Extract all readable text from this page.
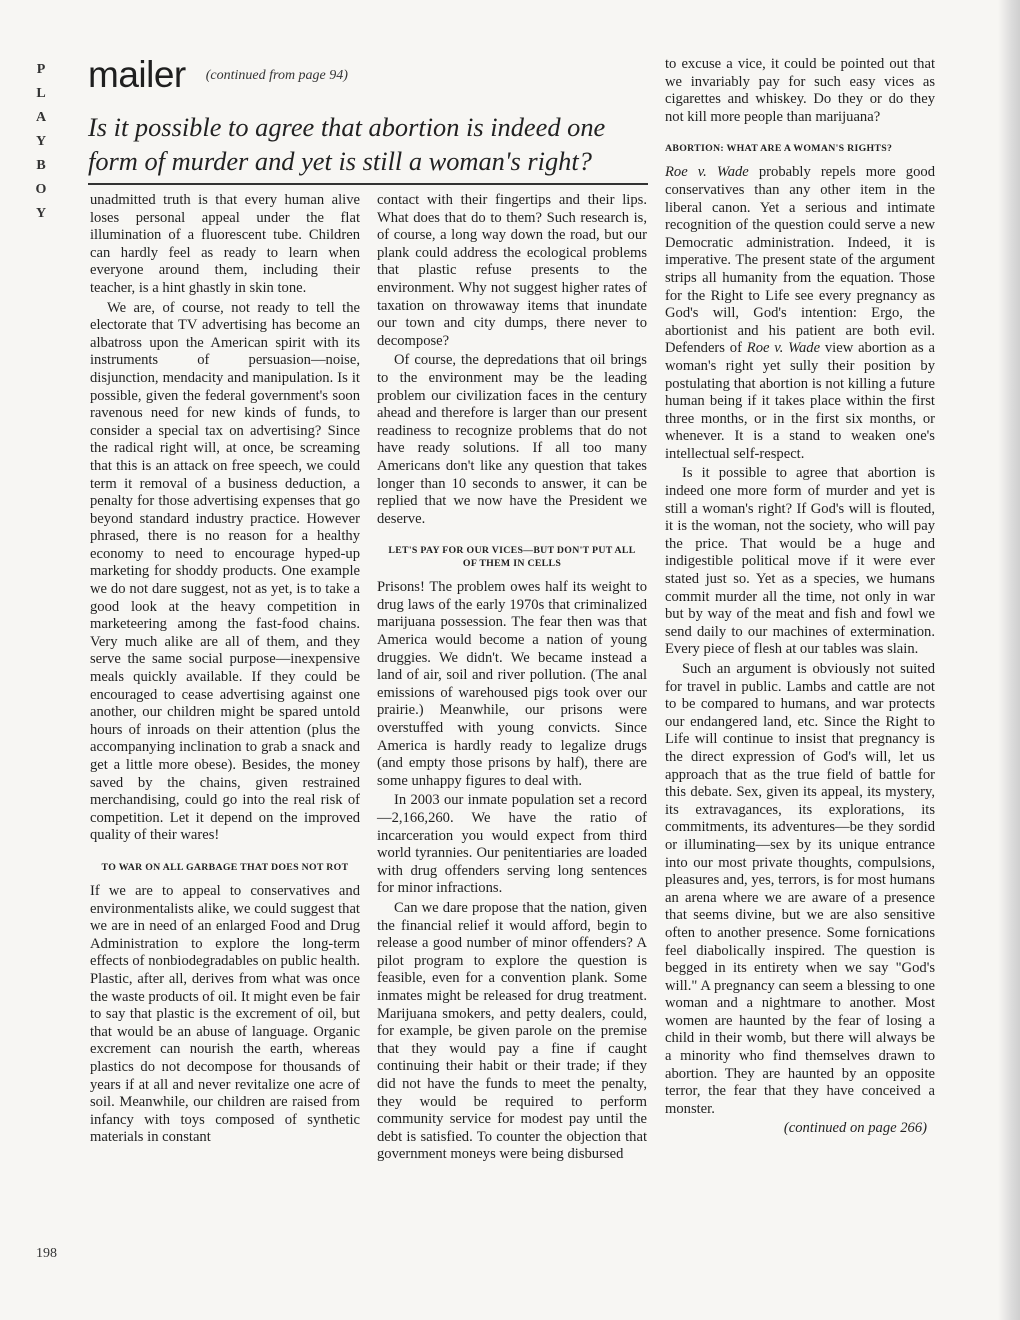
P
L
A
Y
B
O
Y
198
mailer (continued from page 94)
Is it possible to agree that abortion is indeed one form of murder and yet is still a woman's right?

unadmitted truth is that every human alive loses personal appeal under the flat illumination of a fluorescent tube. Children can hardly feel as ready to learn when everyone around them, including their teacher, is a hint ghastly in skin tone.

We are, of course, not ready to tell the electorate that TV advertising has become an albatross upon the American spirit with its instruments of persuasion—noise, disjunction, mendacity and manipulation. Is it possible, given the federal government's soon ravenous need for new kinds of funds, to consider a special tax on advertising? Since the radical right will, at once, be screaming that this is an attack on free speech, we could term it removal of a business deduction, a penalty for those advertising expenses that go beyond standard industry practice. However phrased, there is no reason for a healthy economy to need to encourage hyped-up marketing for shoddy products. One example we do not dare suggest, not as yet, is to take a good look at the heavy competition in marketeering among the fast-food chains. Very much alike are all of them, and they serve the same social purpose—inexpensive meals quickly available. If they could be encouraged to cease advertising against one another, our children might be spared untold hours of inroads on their attention (plus the accompanying inclination to grab a snack and get a little more obese). Besides, the money saved by the chains, given restrained merchandising, could go into the real risk of competition. Let it depend on the improved quality of their wares!

TO WAR ON ALL GARBAGE THAT DOES NOT ROT

If we are to appeal to conservatives and environmentalists alike, we could suggest that we are in need of an enlarged Food and Drug Administration to explore the long-term effects of nonbiodegradables on public health. Plastic, after all, derives from what was once the waste products of oil. It might even be fair to say that plastic is the excrement of oil, but that would be an abuse of language. Organic excrement can nourish the earth, whereas plastics do not decompose for thousands of years if at all and never revitalize one acre of soil. Meanwhile, our children are raised from infancy with toys composed of synthetic materials in constant

contact with their fingertips and their lips. What does that do to them? Such research is, of course, a long way down the road, but our plank could address the ecological problems that plastic refuse presents to the environment. Why not suggest higher rates of taxation on throwaway items that inundate our town and city dumps, there never to decompose?

Of course, the depredations that oil brings to the environment may be the leading problem our civilization faces in the century ahead and therefore is larger than our present readiness to recognize problems that do not have ready solutions. If all too many Americans don't like any question that takes longer than 10 seconds to answer, it can be replied that we now have the President we deserve.

LET'S PAY FOR OUR VICES—BUT DON'T PUT ALL OF THEM IN CELLS

Prisons! The problem owes half its weight to drug laws of the early 1970s that criminalized marijuana possession. The fear then was that America would become a nation of young druggies. We didn't. We became instead a land of air, soil and river pollution. (The anal emissions of warehoused pigs took over our prairie.) Meanwhile, our prisons were overstuffed with young convicts. Since America is hardly ready to legalize drugs (and empty those prisons by half), there are some unhappy figures to deal with.

In 2003 our inmate population set a record—2,166,260. We have the ratio of incarceration you would expect from third world tyrannies. Our penitentiaries are loaded with drug offenders serving long sentences for minor infractions.

Can we dare propose that the nation, given the financial relief it would afford, begin to release a good number of minor offenders? A pilot program to explore the question is feasible, even for a convention plank. Some inmates might be released for drug treatment. Marijuana smokers, and petty dealers, could, for example, be given parole on the premise that they would pay a fine if caught continuing their habit or their trade; if they did not have the funds to meet the penalty, they would be required to perform community service for modest pay until the debt is satisfied. To counter the objection that government moneys were being disbursed

to excuse a vice, it could be pointed out that we invariably pay for such easy vices as cigarettes and whiskey. Do they or do they not kill more people than marijuana?

ABORTION: WHAT ARE A WOMAN'S RIGHTS?

Roe v. Wade probably repels more good conservatives than any other item in the liberal canon. Yet a serious and intimate recognition of the question could serve a new Democratic administration. Indeed, it is imperative. The present state of the argument strips all humanity from the equation. Those for the Right to Life see every pregnancy as God's will, God's intention: Ergo, the abortionist and his patient are both evil. Defenders of Roe v. Wade view abortion as a woman's right yet sully their position by postulating that abortion is not killing a future human being if it takes place within the first three months, or in the first six months, or whenever. It is a stand to weaken one's intellectual self-respect.

Is it possible to agree that abortion is indeed one more form of murder and yet is still a woman's right? If God's will is flouted, it is the woman, not the society, who will pay the price. That would be a huge and indigestible political move if it were ever stated just so. Yet as a species, we humans commit murder all the time, not only in war but by way of the meat and fish and fowl we send daily to our machines of extermination. Every piece of flesh at our tables was slain.

Such an argument is obviously not suited for travel in public. Lambs and cattle are not to be compared to humans, and war protects our endangered land, etc. Since the Right to Life will continue to insist that pregnancy is the direct expression of God's will, let us approach that as the true field of battle for this debate. Sex, given its appeal, its mystery, its extravagances, its explorations, its commitments, its adventures—be they sordid or illuminating—sex by its unique entrance into our most private thoughts, compulsions, pleasures and, yes, terrors, is for most humans an arena where we are aware of a presence that seems divine, but we are also sensitive often to another presence. Some fornications feel diabolically inspired. The question is begged in its entirety when we say "God's will." A pregnancy can seem a blessing to one woman and a nightmare to another. Most women are haunted by the fear of losing a child in their womb, but there will always be a minority who find themselves drawn to abortion. They are haunted by an opposite terror, the fear that they have conceived a monster.

(continued on page 266)
